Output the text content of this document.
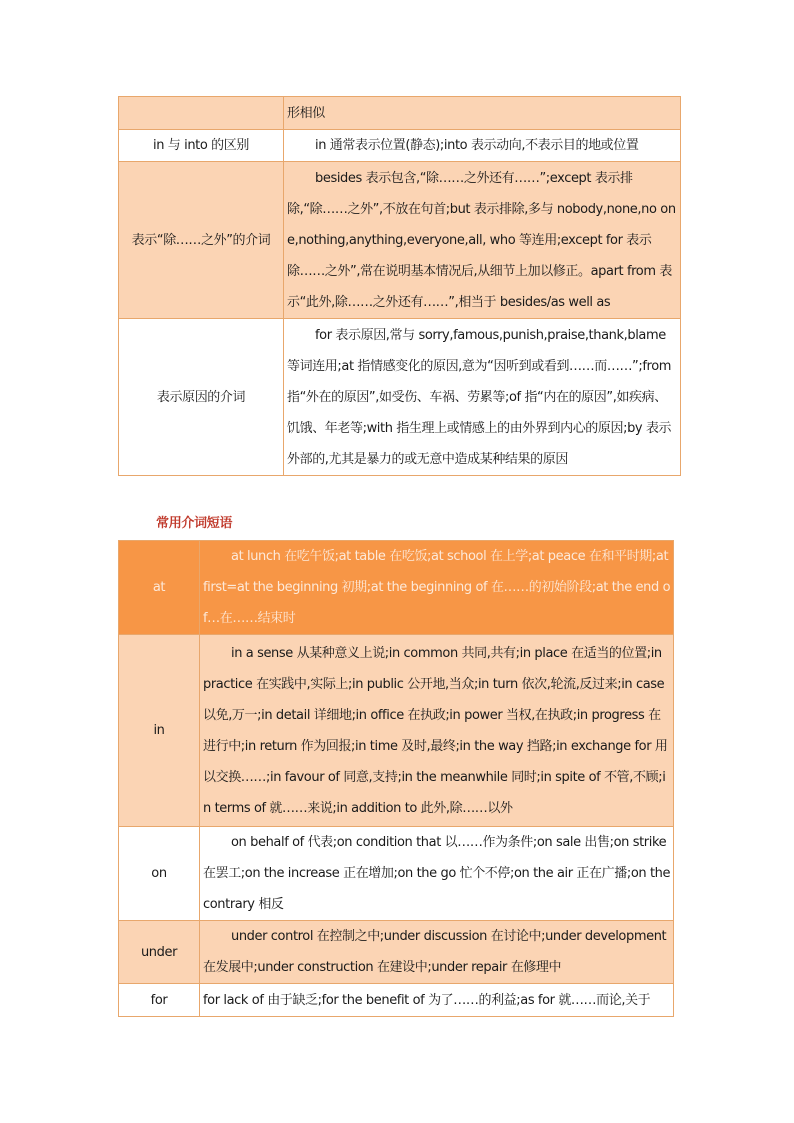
	形相似

in 与 into 的区别	in 通常表示位置(静态);into 表示动向,不表示目的地或位置

表示“除……之外”的介词	besides 表示包含,“除……之外还有……”;except 表示排除,“除……之外”,不放在句首;but 表示排除,多与 nobody,none,no one,nothing,anything,everyone,all, who 等连用;except for 表示除……之外”,常在说明基本情况后,从细节上加以修正。apart from 表示“此外,除……之外还有……”,相当于 besides/as well as

表示原因的介词	for 表示原因,常与 sorry,famous,punish,praise,thank,blame 等词连用;at 指情感变化的原因,意为“因听到或看到……而……”;from 指“外在的原因”,如受伤、车祸、劳累等;of 指“内在的原因”,如疾病、饥饿、年老等;with 指生理上或情感上的由外界到内心的原因;by 表示外部的,尤其是暴力的或无意中造成某种结果的原因
常用介词短语
at	at lunch 在吃午饭;at table 在吃饭;at school 在上学;at peace 在和平时期;at first=at the beginning 初期;at the beginning of 在……的初始阶段;at the end of…在……结束时

in	in a sense 从某种意义上说;in common 共同,共有;in place 在适当的位置;in practice 在实践中,实际上;in public 公开地,当众;in turn 依次,轮流,反过来;in case 以免,万一;in detail 详细地;in office 在执政;in power 当权,在执政;in progress 在进行中;in return 作为回报;in time 及时,最终;in the way 挡路;in exchange for 用以交换……;in favour of 同意,支持;in the meanwhile 同时;in spite of 不管,不顾;in terms of 就……来说;in addition to 此外,除……以外

on	on behalf of 代表;on condition that 以……作为条件;on sale 出售;on strike 在罢工;on the increase 正在增加;on the go 忙个不停;on the air 正在广播;on the contrary 相反

under	under control 在控制之中;under discussion 在讨论中;under development 在发展中;under construction 在建设中;under repair 在修理中

for	for lack of 由于缺乏;for the benefit of 为了……的利益;as for 就……而论,关于
